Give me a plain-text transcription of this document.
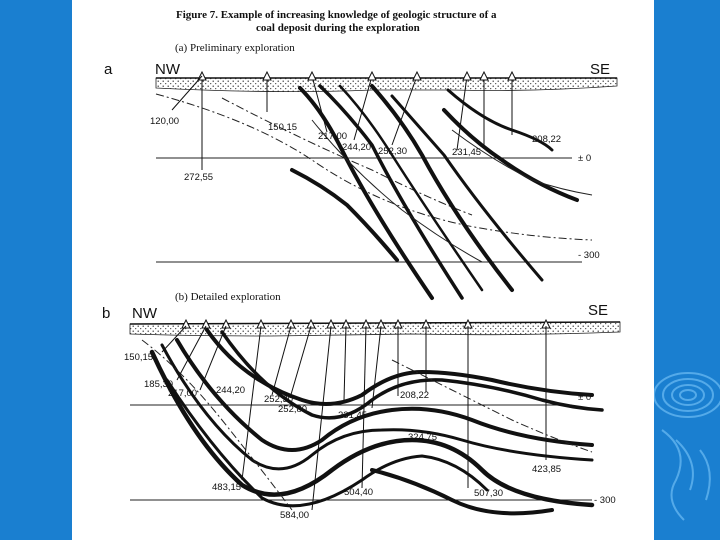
Figure 7. Example of increasing knowledge of geologic structure of a
coal deposit during the exploration
(a) Preliminary exploration
a	NW	SE
± 0
- 300
120,00
272,55
150,15
217,00
244,20 252,30	231,45
208,22
(b) Detailed exploration
b NW	SE
± 0
- 300
150,15
185,30
217,00 244,20
252,30
252,80
231,45
208,22
324,75
423,85
483,15	504,40	507,30
584,00
